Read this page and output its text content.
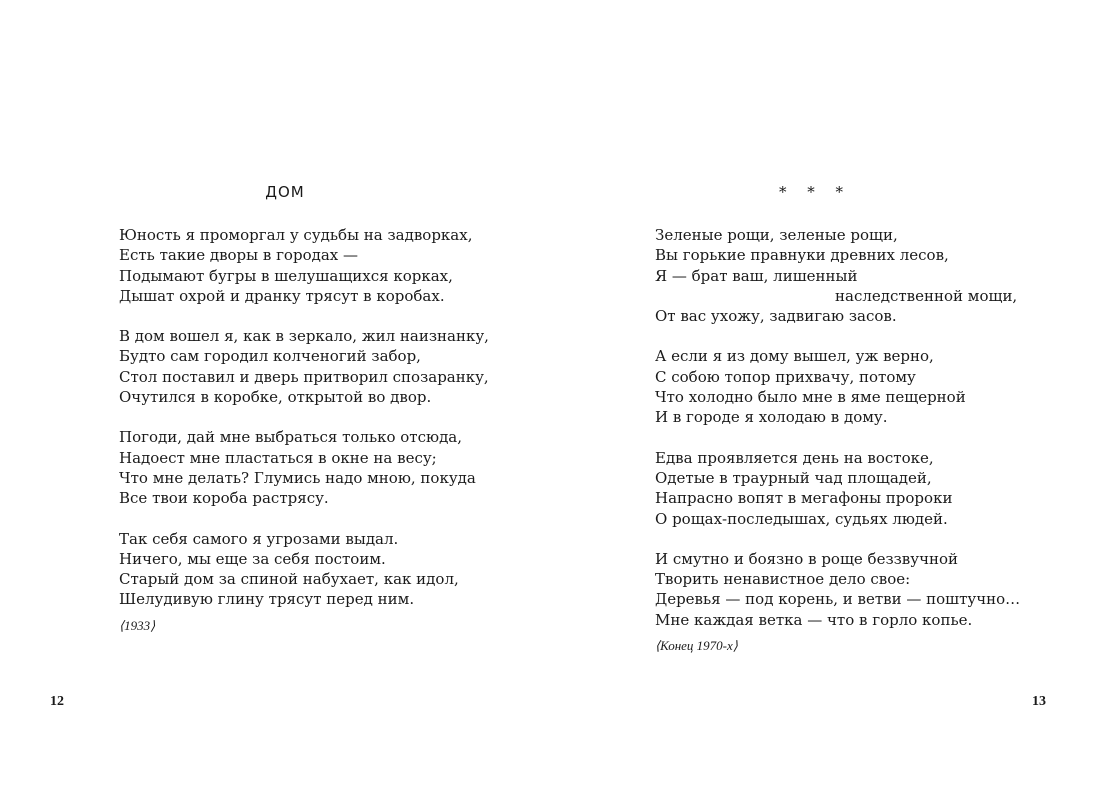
ДОМ
Юность я проморгал у судьбы на задворках,
Есть такие дворы в городах —
Подымают бугры в шелушащихся корках,
Дышат охрой и дранку трясут в коробах.
В дом вошел я, как в зеркало, жил наизнанку,
Будто сам городил колченогий забор,
Стол поставил и дверь притворил спозаранку,
Очутился в коробке, открытой во двор.
Погоди, дай мне выбраться только отсюда,
Надоест мне пластаться в окне на весу;
Что мне делать? Глумись надо мною, покуда
Все твои короба растрясу.
Так себя самого я угрозами выдал.
Ничего, мы еще за себя постоим.
Старый дом за спиной набухает, как идол,
Шелудивую глину трясут перед ним.
⟨1933⟩
12
* * *
Зеленые рощи, зеленые рощи,
Вы горькие правнуки древних лесов,
Я — брат ваш, лишенный
наследственной мощи,
От вас ухожу, задвигаю засов.
А если я из дому вышел, уж верно,
С собою топор прихвачу, потому
Что холодно было мне в яме пещерной
И в городе я холодаю в дому.
Едва проявляется день на востоке,
Одетые в траурный чад площадей,
Напрасно вопят в мегафоны пророки
О рощах-последышах, судьях людей.
И смутно и боязно в роще беззвучной
Творить ненавистное дело свое:
Деревья — под корень, и ветви — поштучно…
Мне каждая ветка — что в горло копье.
⟨Конец 1970-х⟩
13
